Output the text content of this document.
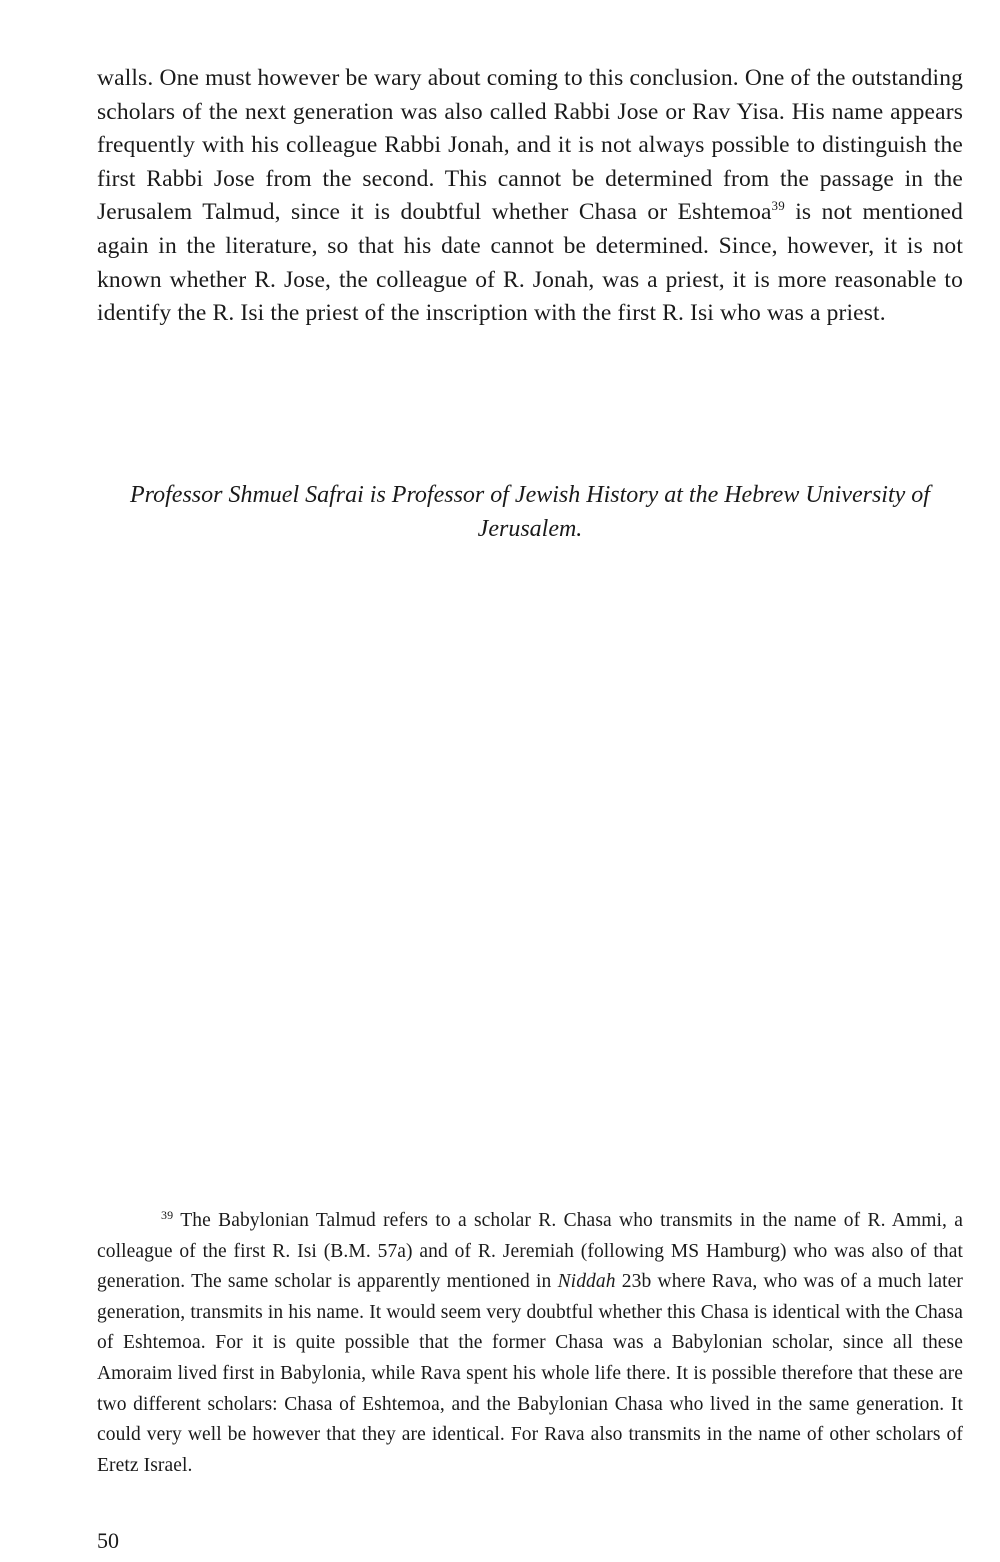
walls. One must however be wary about coming to this conclusion. One of the outstanding scholars of the next generation was also called Rabbi Jose or Rav Yisa. His name appears frequently with his colleague Rabbi Jonah, and it is not always possible to distinguish the first Rabbi Jose from the second. This cannot be determined from the passage in the Jerusalem Talmud, since it is doubtful whether Chasa or Eshtemoa$^{39}$ is not mentioned again in the literature, so that his date cannot be determined. Since, however, it is not known whether R. Jose, the colleague of R. Jonah, was a priest, it is more reasonable to identify the R. Isi the priest of the inscription with the first R. Isi who was a priest.

Professor Shmuel Safrai is Professor of Jewish History at the Hebrew University of Jerusalem.

39 The Babylonian Talmud refers to a scholar R. Chasa who transmits in the name of R. Ammi, a colleague of the first R. Isi (B.M. 57a) and of R. Jeremiah (following MS Hamburg) who was also of that generation. The same scholar is apparently mentioned in Niddah 23b where Rava, who was of a much later generation, transmits in his name. It would seem very doubtful whether this Chasa is identical with the Chasa of Eshtemoa. For it is quite possible that the former Chasa was a Babylonian scholar, since all these Amoraim lived first in Babylonia, while Rava spent his whole life there. It is possible therefore that these are two different scholars: Chasa of Eshtemoa, and the Babylonian Chasa who lived in the same generation. It could very well be however that they are identical. For Rava also transmits in the name of other scholars of Eretz Israel.

50
